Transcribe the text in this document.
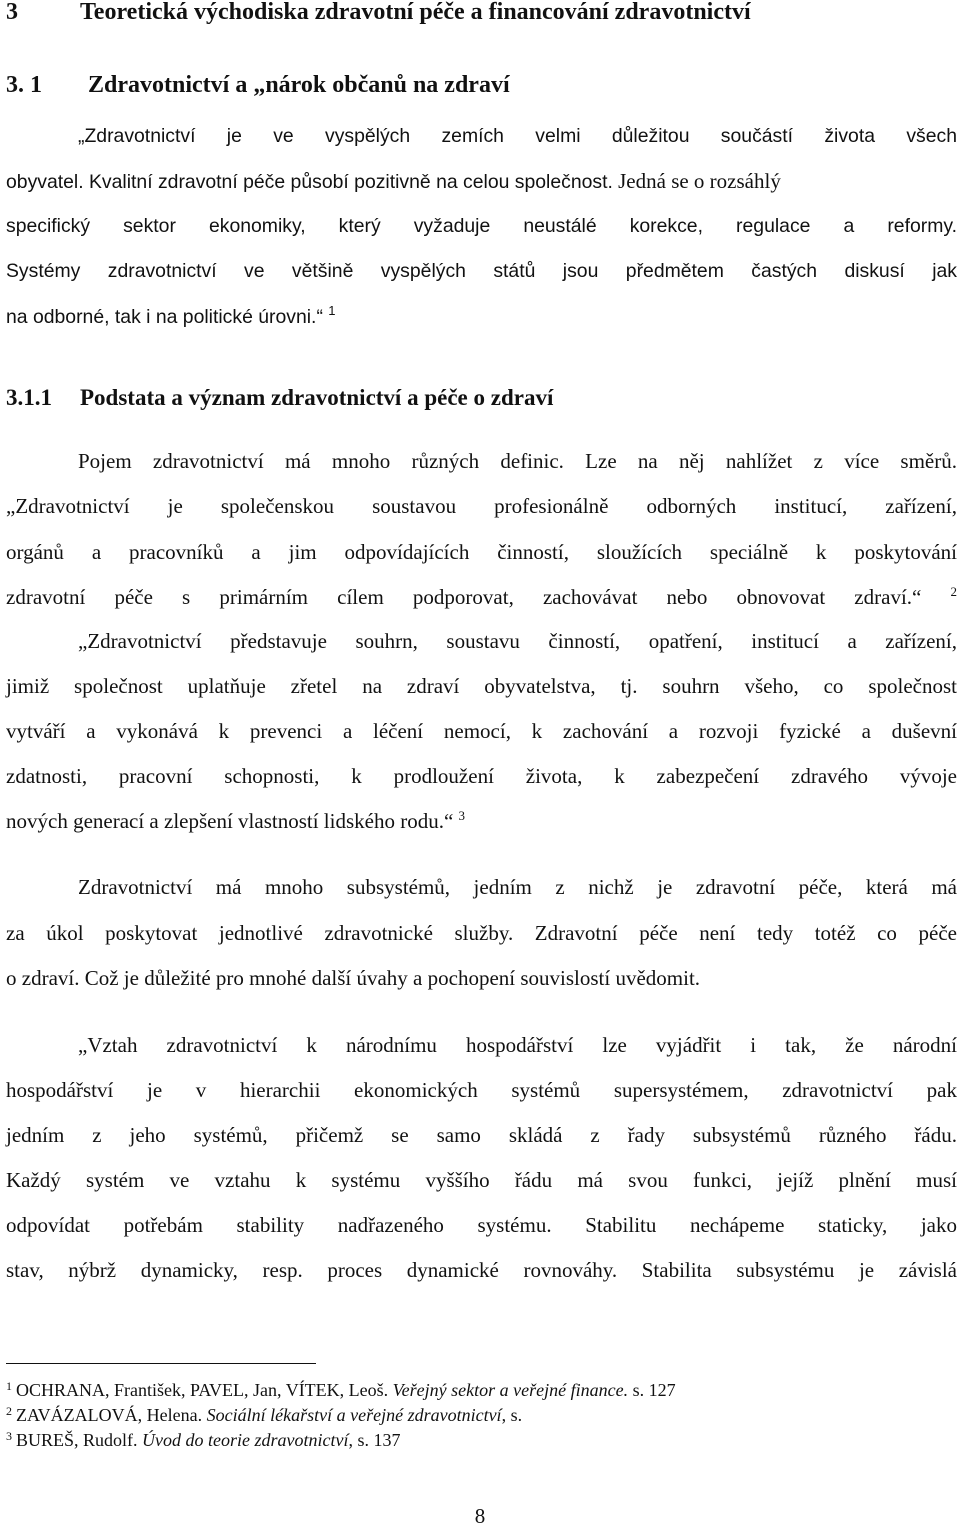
3	Teoretická východiska zdravotní péče a financování zdravotnictví

3. 1 Zdravotnictví a „nárok občanů na zdraví

„Zdravotnictví je ve vyspělých zemích velmi důležitou součástí života všech

obyvatel. Kvalitní zdravotní péče působí pozitivně na celou společnost. Jedná se o rozsáhlý

specifický sektor ekonomiky, který vyžaduje neustálé korekce, regulace a reformy.

Systémy zdravotnictví ve většině vyspělých států jsou předmětem častých diskusí jak

na odborné, tak i na politické úrovni.“ $^1$

3.1.1 Podstata a význam zdravotnictví a péče o zdraví

Pojem zdravotnictví má mnoho různých definic. Lze na něj nahlížet z více směrů.

„Zdravotnictví je společenskou soustavou profesionálně odborných institucí, zařízení,

orgánů a pracovníků a jim odpovídajících činností, sloužících speciálně k poskytování

zdravotní péče s primárním cílem podporovat, zachovávat nebo obnovovat zdraví.“ $^2$

„Zdravotnictví představuje souhrn, soustavu činností, opatření, institucí a zařízení,

jimiž společnost uplatňuje zřetel na zdraví obyvatelstva, tj. souhrn všeho, co společnost

vytváří a vykonává k prevenci a léčení nemocí, k zachování a rozvoji fyzické a duševní

zdatnosti, pracovní schopnosti, k prodloužení života, k zabezpečení zdravého vývoje

nových generací a zlepšení vlastností lidského rodu.“ $^3$

Zdravotnictví má mnoho subsystémů, jedním z nichž je zdravotní péče, která má

za úkol poskytovat jednotlivé zdravotnické služby. Zdravotní péče není tedy totéž co péče

o zdraví. Což je důležité pro mnohé další úvahy a pochopení souvislostí uvědomit.

„Vztah zdravotnictví k národnímu hospodářství lze vyjádřit i tak, že národní

hospodářství je v hierarchii ekonomických systémů supersystémem, zdravotnictví pak

jedním z jeho systémů, přičemž se samo skládá z řady subsystémů různého řádu.

Každý systém ve vztahu k systému vyššího řádu má svou funkci, jejíž plnění musí

odpovídat potřebám stability nadřazeného systému. Stabilitu nechápeme staticky, jako

stav, nýbrž dynamicky, resp. proces dynamické rovnováhy. Stabilita subsystému je závislá

$^1$ OCHRANA, František, PAVEL, Jan, VÍTEK, Leoš. Veřejný sektor a veřejné finance. s. 127

$^2$ ZAVÁZALOVÁ, Helena. Sociální lékařství a veřejné zdravotnictví, s.

$^3$ BUREŠ, Rudolf. Úvod do teorie zdravotnictví, s. 137

8
